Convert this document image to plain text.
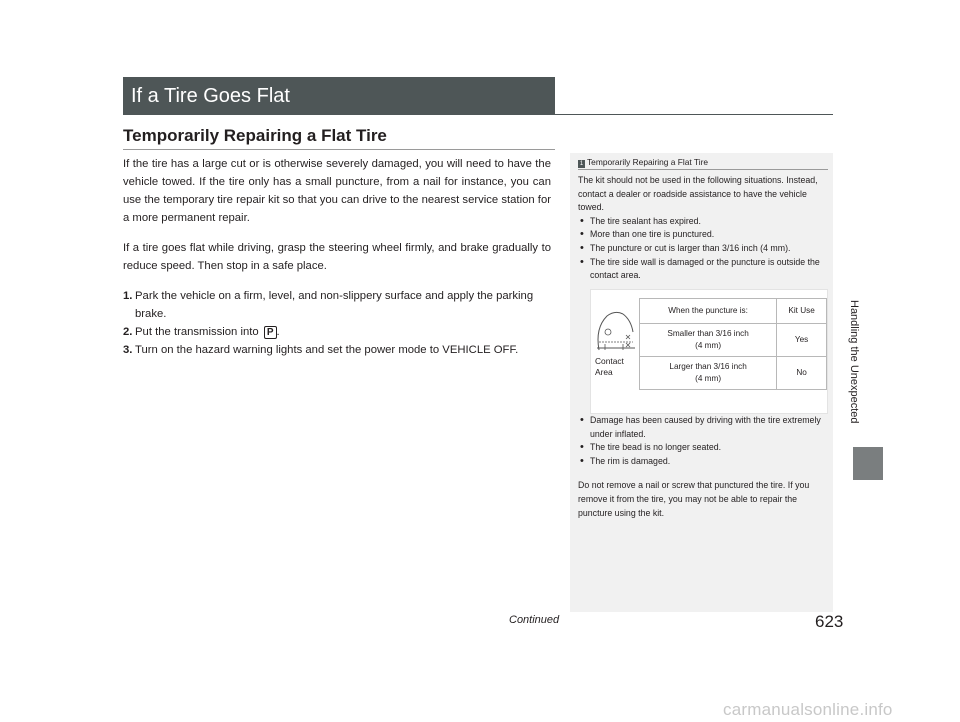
If a Tire Goes Flat
Temporarily Repairing a Flat Tire

If the tire has a large cut or is otherwise severely damaged, you will need to have the vehicle towed. If the tire only has a small puncture, from a nail for instance, you can use the temporary tire repair kit so that you can drive to the nearest service station for a more permanent repair.

If a tire goes flat while driving, grasp the steering wheel firmly, and brake gradually to reduce speed. Then stop in a safe place.

1. Park the vehicle on a firm, level, and non-slippery surface and apply the parking brake.
2. Put the transmission into P .
3. Turn on the hazard warning lights and set the power mode to VEHICLE OFF.
1 Temporarily Repairing a Flat Tire

The kit should not be used in the following situations. Instead, contact a dealer or roadside assistance to have the vehicle towed.

• The tire sealant has expired.

• More than one tire is punctured.

• The puncture or cut is larger than 3/16 inch (4 mm).

• The tire side wall is damaged or the puncture is outside the contact area.

Contact
Area
When the puncture is:	Kit Use

Smaller than 3/16 inch
(4 mm)	Yes

Larger than 3/16 inch
(4 mm)	No

• Damage has been caused by driving with the tire extremely under inflated.

• The tire bead is no longer seated.

• The rim is damaged.

Do not remove a nail or screw that punctured the tire. If you remove it from the tire, you may not be able to repair the puncture using the kit.

Handling the Unexpected
Continued	623
carmanualsonline.info
